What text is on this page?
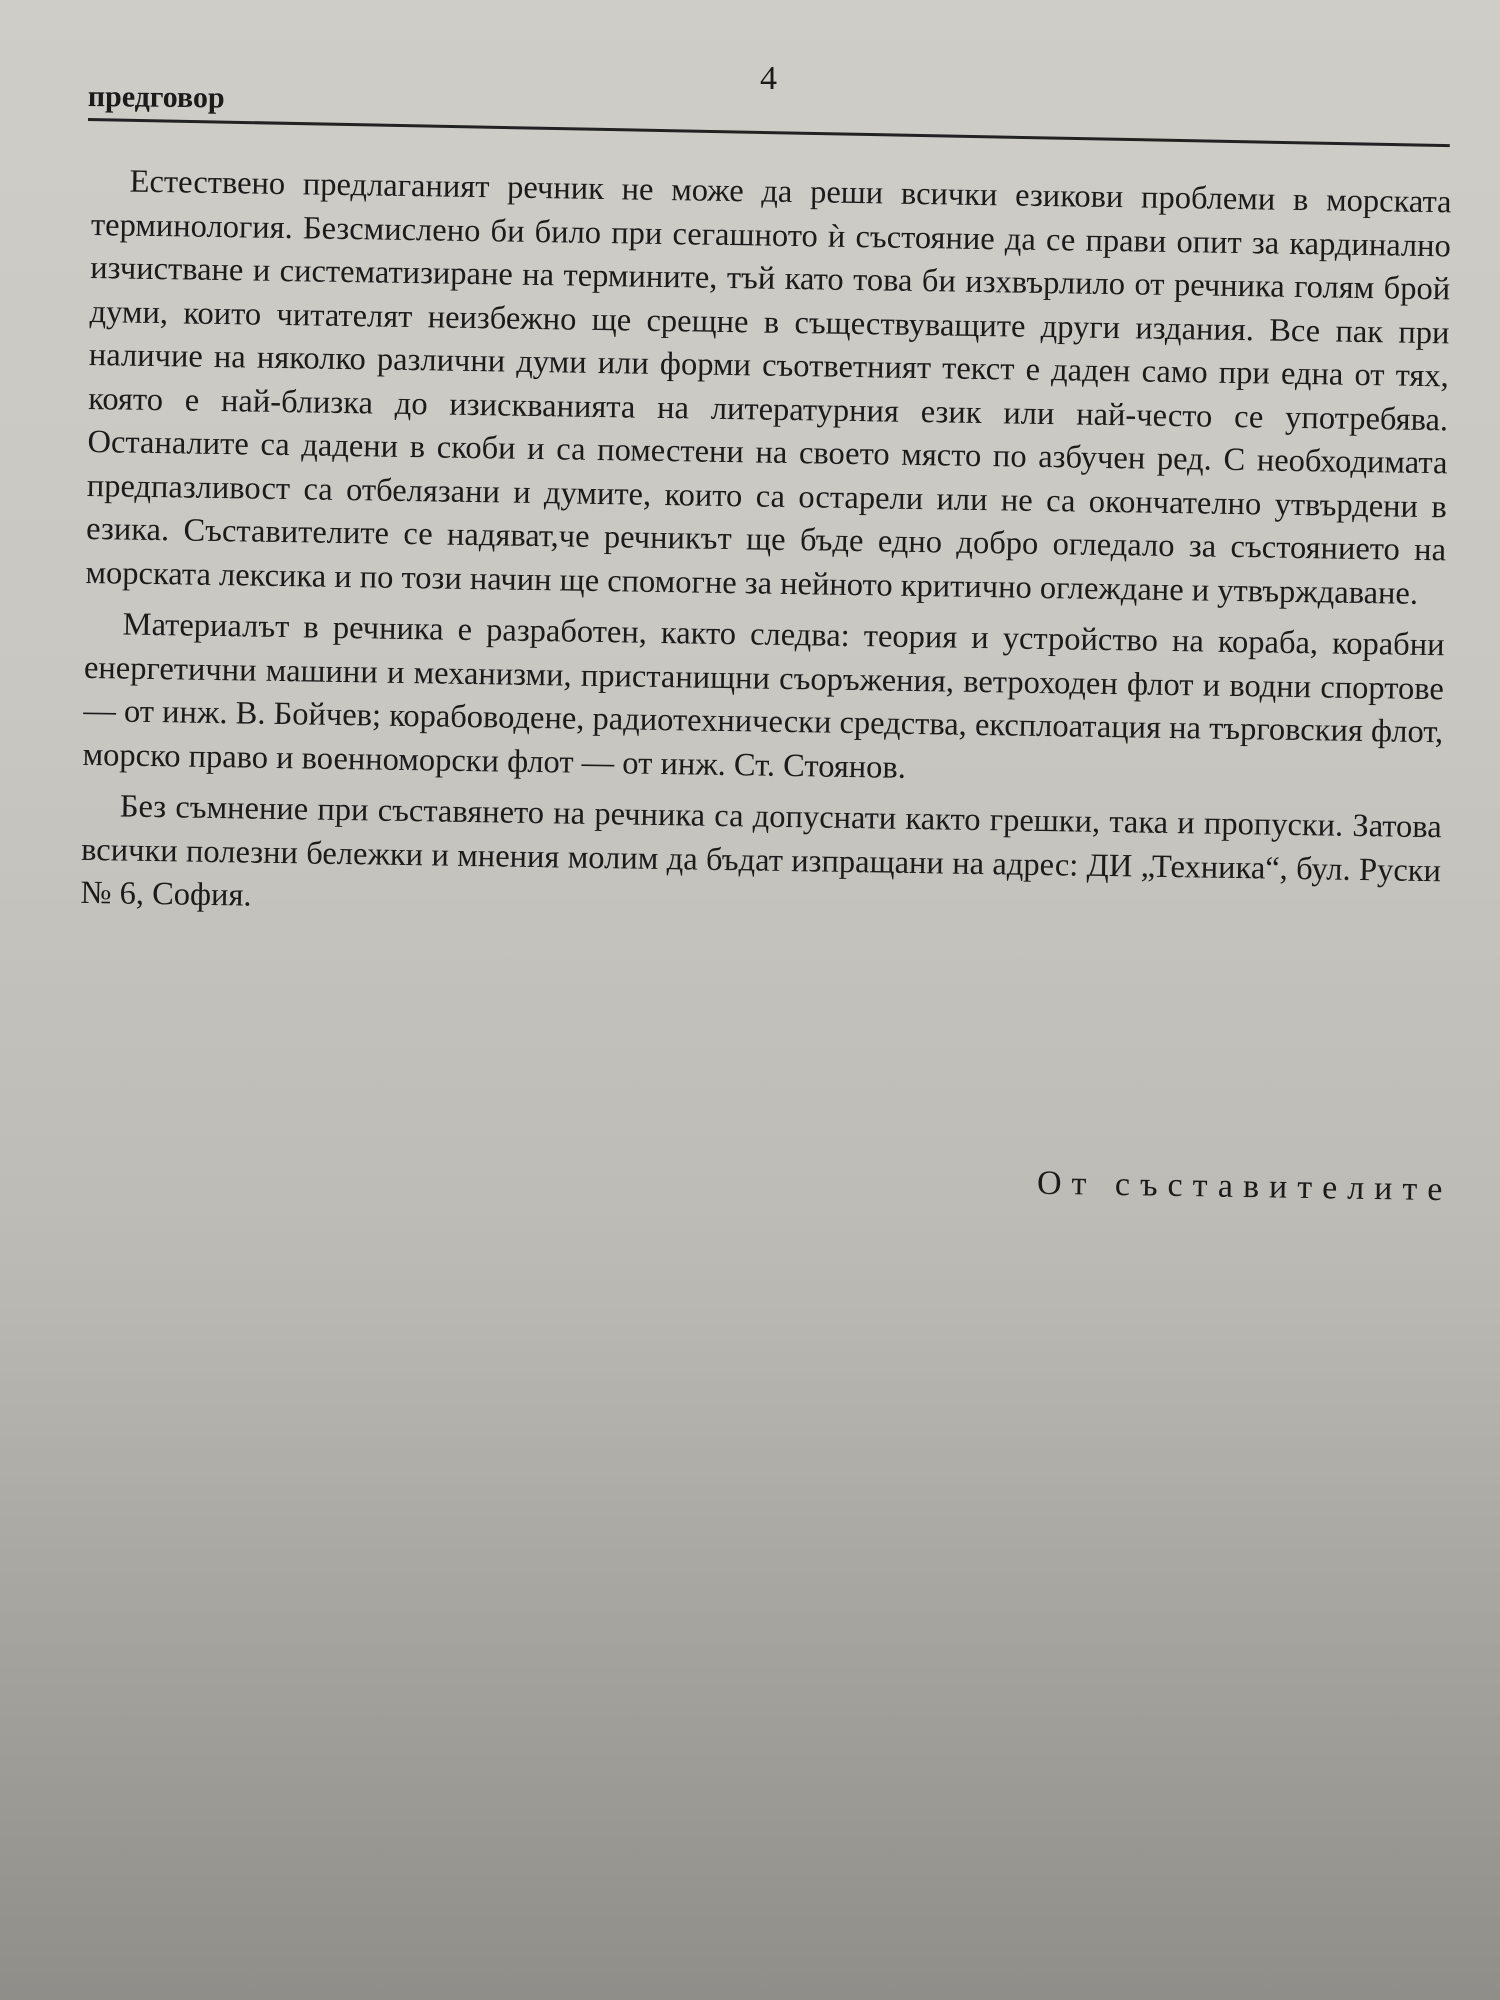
предговор
4

Естествено предлаганият речник не може да реши всички езикови проблеми в морската терминология. Безсмислено би било при сегашното ѝ състояние да се прави опит за кардинално изчистване и систематизиране на термините, тъй като това би изхвърлило от речника голям брой думи, които читателят неизбежно ще срещне в съществуващите други издания. Все пак при наличие на няколко различни думи или форми съответният текст е даден само при една от тях, която е най-близка до изискванията на литературния език или най-често се употребява. Останалите са дадени в скоби и са поместени на своето място по азбучен ред. С необходимата предпазливост са отбелязани и думите, които са остарели или не са окончателно утвърдени в езика. Съставителите се надяват,че речникът ще бъде едно добро огледало за състоянието на морската лексика и по този начин ще спомогне за нейното критично оглеждане и утвърждаване.

Материалът в речника е разработен, както следва: теория и устройство на кораба, корабни енергетични машини и механизми, пристанищни съоръжения, ветроходен флот и водни спортове — от инж. В. Бойчев; корабоводене, радиотехнически средства, експлоатация на търговския флот, морско право и военноморски флот — от инж. Ст. Стоянов.

Без съмнение при съставянето на речника са допуснати както грешки, така и пропуски. Затова всички полезни бележки и мнения молим да бъдат изпращани на адрес: ДИ „Техника“, бул. Руски № 6, София.

От съставителите
